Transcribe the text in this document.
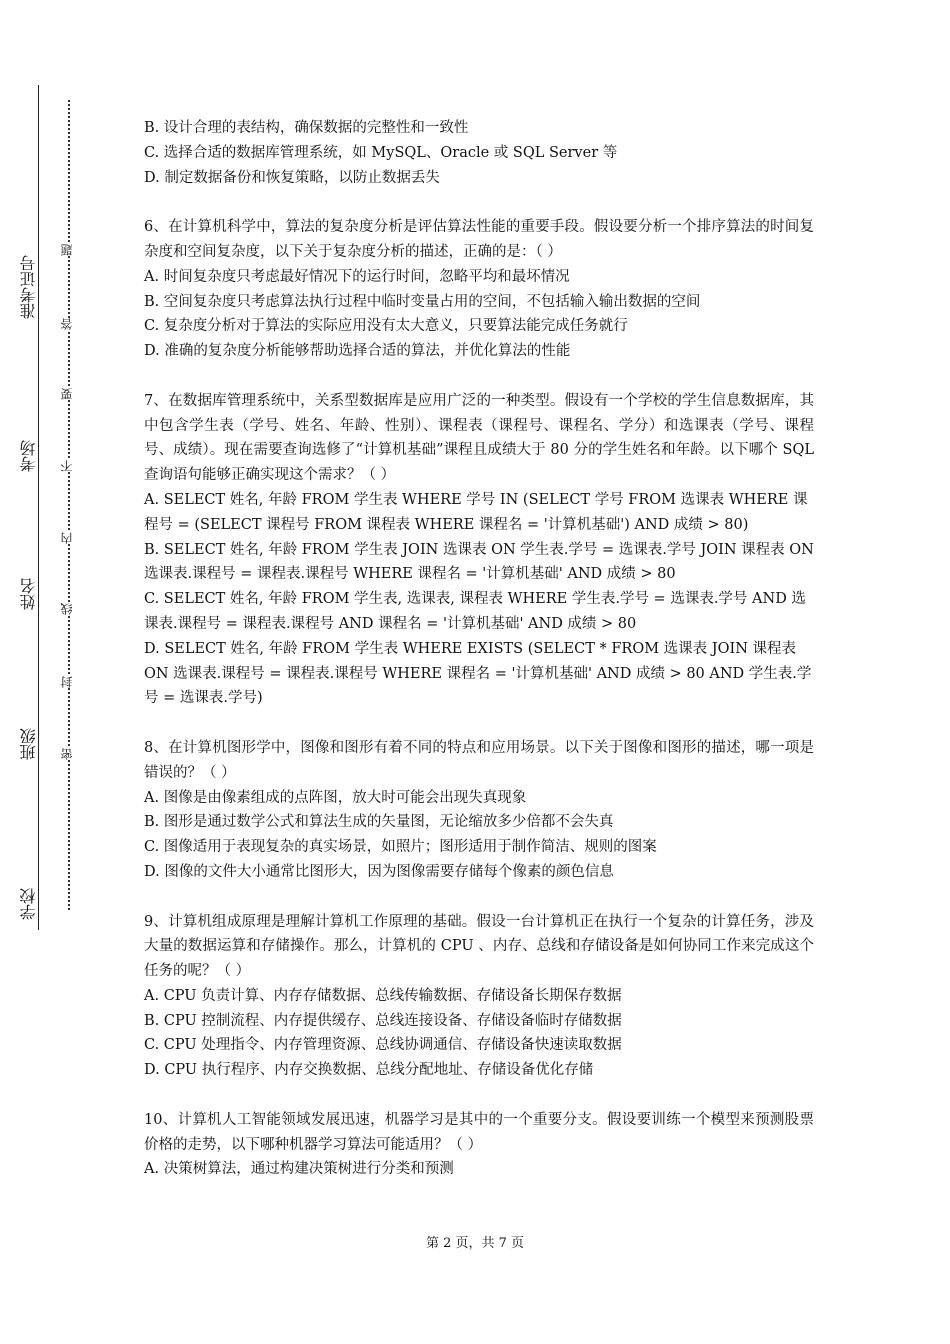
准考证号
考场
姓名
班级
学校
题
答
要
不
内
线
封
密

B. 设计合理的表结构，确保数据的完整性和一致性

C. 选择合适的数据库管理系统，如 MySQL、Oracle 或 SQL Server 等

D. 制定数据备份和恢复策略，以防止数据丢失

6、在计算机科学中，算法的复杂度分析是评估算法性能的重要手段。假设要分析一个排序算法的时间复杂度和空间复杂度，以下关于复杂度分析的描述，正确的是：（ ）

A. 时间复杂度只考虑最好情况下的运行时间，忽略平均和最坏情况

B. 空间复杂度只考虑算法执行过程中临时变量占用的空间，不包括输入输出数据的空间

C. 复杂度分析对于算法的实际应用没有太大意义，只要算法能完成任务就行

D. 准确的复杂度分析能够帮助选择合适的算法，并优化算法的性能

7、在数据库管理系统中，关系型数据库是应用广泛的一种类型。假设有一个学校的学生信息数据库，其中包含学生表（学号、姓名、年龄、性别）、课程表（课程号、课程名、学分）和选课表（学号、课程号、成绩）。现在需要查询选修了“计算机基础”课程且成绩大于 80 分的学生姓名和年龄。以下哪个 SQL 查询语句能够正确实现这个需求？（ ）

A. SELECT 姓名, 年龄 FROM 学生表 WHERE 学号 IN (SELECT 学号 FROM 选课表 WHERE 课程号 = (SELECT 课程号 FROM 课程表 WHERE 课程名 = '计算机基础') AND 成绩 > 80)

B. SELECT 姓名, 年龄 FROM 学生表 JOIN 选课表 ON 学生表.学号 = 选课表.学号 JOIN 课程表 ON 选课表.课程号 = 课程表.课程号 WHERE 课程名 = '计算机基础' AND 成绩 > 80

C. SELECT 姓名, 年龄 FROM 学生表, 选课表, 课程表 WHERE 学生表.学号 = 选课表.学号 AND 选课表.课程号 = 课程表.课程号 AND 课程名 = '计算机基础' AND 成绩 > 80

D. SELECT 姓名, 年龄 FROM 学生表 WHERE EXISTS (SELECT * FROM 选课表 JOIN 课程表 ON 选课表.课程号 = 课程表.课程号 WHERE 课程名 = '计算机基础' AND 成绩 > 80 AND 学生表.学号 = 选课表.学号)

8、在计算机图形学中，图像和图形有着不同的特点和应用场景。以下关于图像和图形的描述，哪一项是错误的？（ ）

A. 图像是由像素组成的点阵图，放大时可能会出现失真现象

B. 图形是通过数学公式和算法生成的矢量图，无论缩放多少倍都不会失真

C. 图像适用于表现复杂的真实场景，如照片；图形适用于制作简洁、规则的图案

D. 图像的文件大小通常比图形大，因为图像需要存储每个像素的颜色信息

9、计算机组成原理是理解计算机工作原理的基础。假设一台计算机正在执行一个复杂的计算任务，涉及大量的数据运算和存储操作。那么，计算机的 CPU 、内存、总线和存储设备是如何协同工作来完成这个任务的呢？（ ）

A. CPU 负责计算、内存存储数据、总线传输数据、存储设备长期保存数据

B. CPU 控制流程、内存提供缓存、总线连接设备、存储设备临时存储数据

C. CPU 处理指令、内存管理资源、总线协调通信、存储设备快速读取数据

D. CPU 执行程序、内存交换数据、总线分配地址、存储设备优化存储

10、计算机人工智能领域发展迅速，机器学习是其中的一个重要分支。假设要训练一个模型来预测股票价格的走势，以下哪种机器学习算法可能适用？（ ）

A. 决策树算法，通过构建决策树进行分类和预测

第 2 页，共 7 页
